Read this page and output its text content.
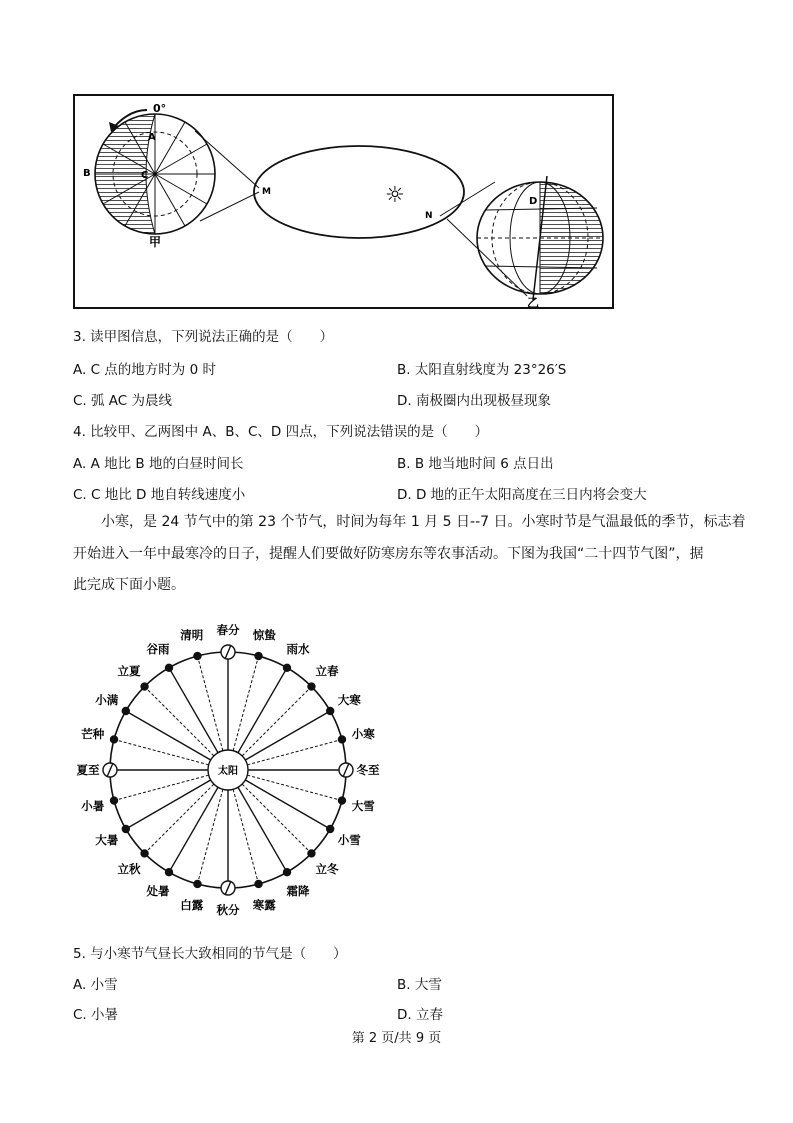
0°
A
B	C
甲
M
N
☼	D
乙
3. 读甲图信息，下列说法正确的是（　　）
A. C 点的地方时为 0 时	B. 太阳直射线度为 23°26′S
C. 弧 AC 为晨线	D. 南极圈内出现极昼现象
4. 比较甲、乙两图中 A、B、C、D 四点，下列说法错误的是（　　）
A. A 地比 B 地的白昼时间长	B. B 地当地时间 6 点日出
C. C 地比 D 地自转线速度小	D. D 地的正午太阳高度在三日内将会变大
小寒，是 24 节气中的第 23 个节气，时间为每年 1 月 5 日--7 日。小寒时节是气温最低的季节，标志着
开始进入一年中最寒冷的日子，提醒人们要做好防寒房东等农事活动。下图为我国“二十四节气图”，据
此完成下面小题。
春分 惊蛰
雨水
立春
大寒
小寒
冬至
大雪
小雪
立冬
霜降
寒露
秋分
白露
处暑
立秋
大暑
小暑
夏至
芒种
小满
立夏
谷雨
清明
太阳
5. 与小寒节气昼长大致相同的节气是（　　）
A. 小雪	B. 大雪
C. 小暑	D. 立春
第 2 页/共 9 页
